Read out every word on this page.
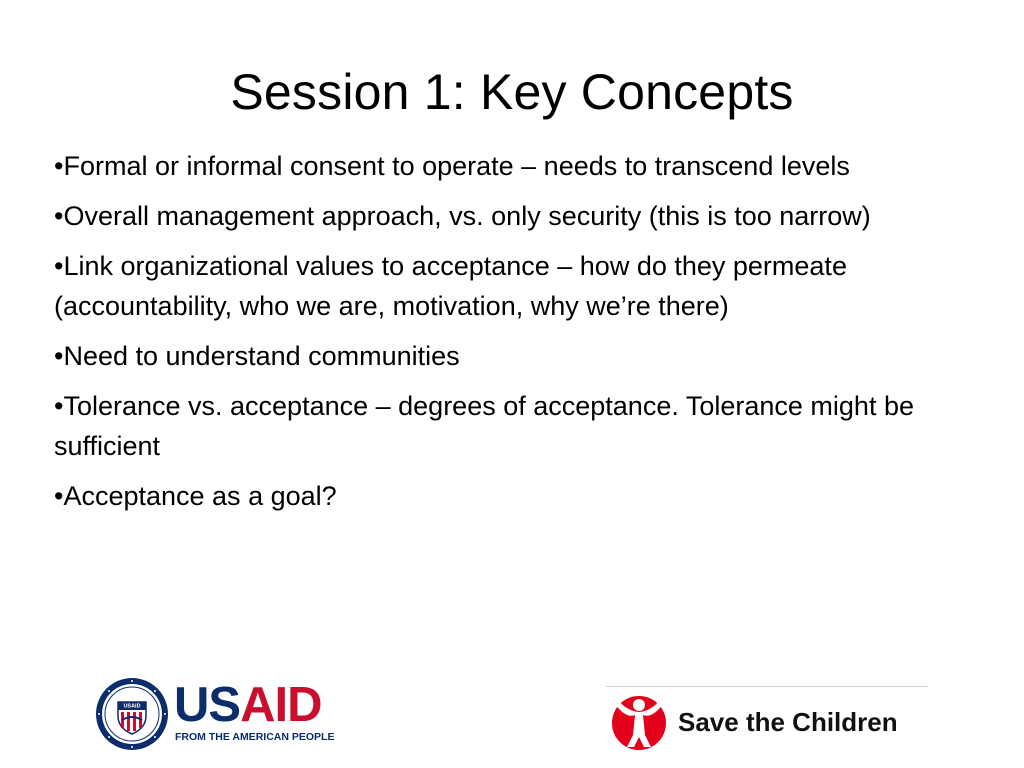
Session 1: Key Concepts
•Formal or informal consent to operate – needs to transcend levels
•Overall management approach, vs. only security (this is too narrow)
•Link organizational values to acceptance – how do they permeate (accountability, who we are, motivation, why we’re there)
•Need to understand communities
•Tolerance vs. acceptance – degrees of acceptance. Tolerance might be sufficient
•Acceptance as a goal?
USAID USAID
FROM THE AMERICAN PEOPLE	Save the Children
